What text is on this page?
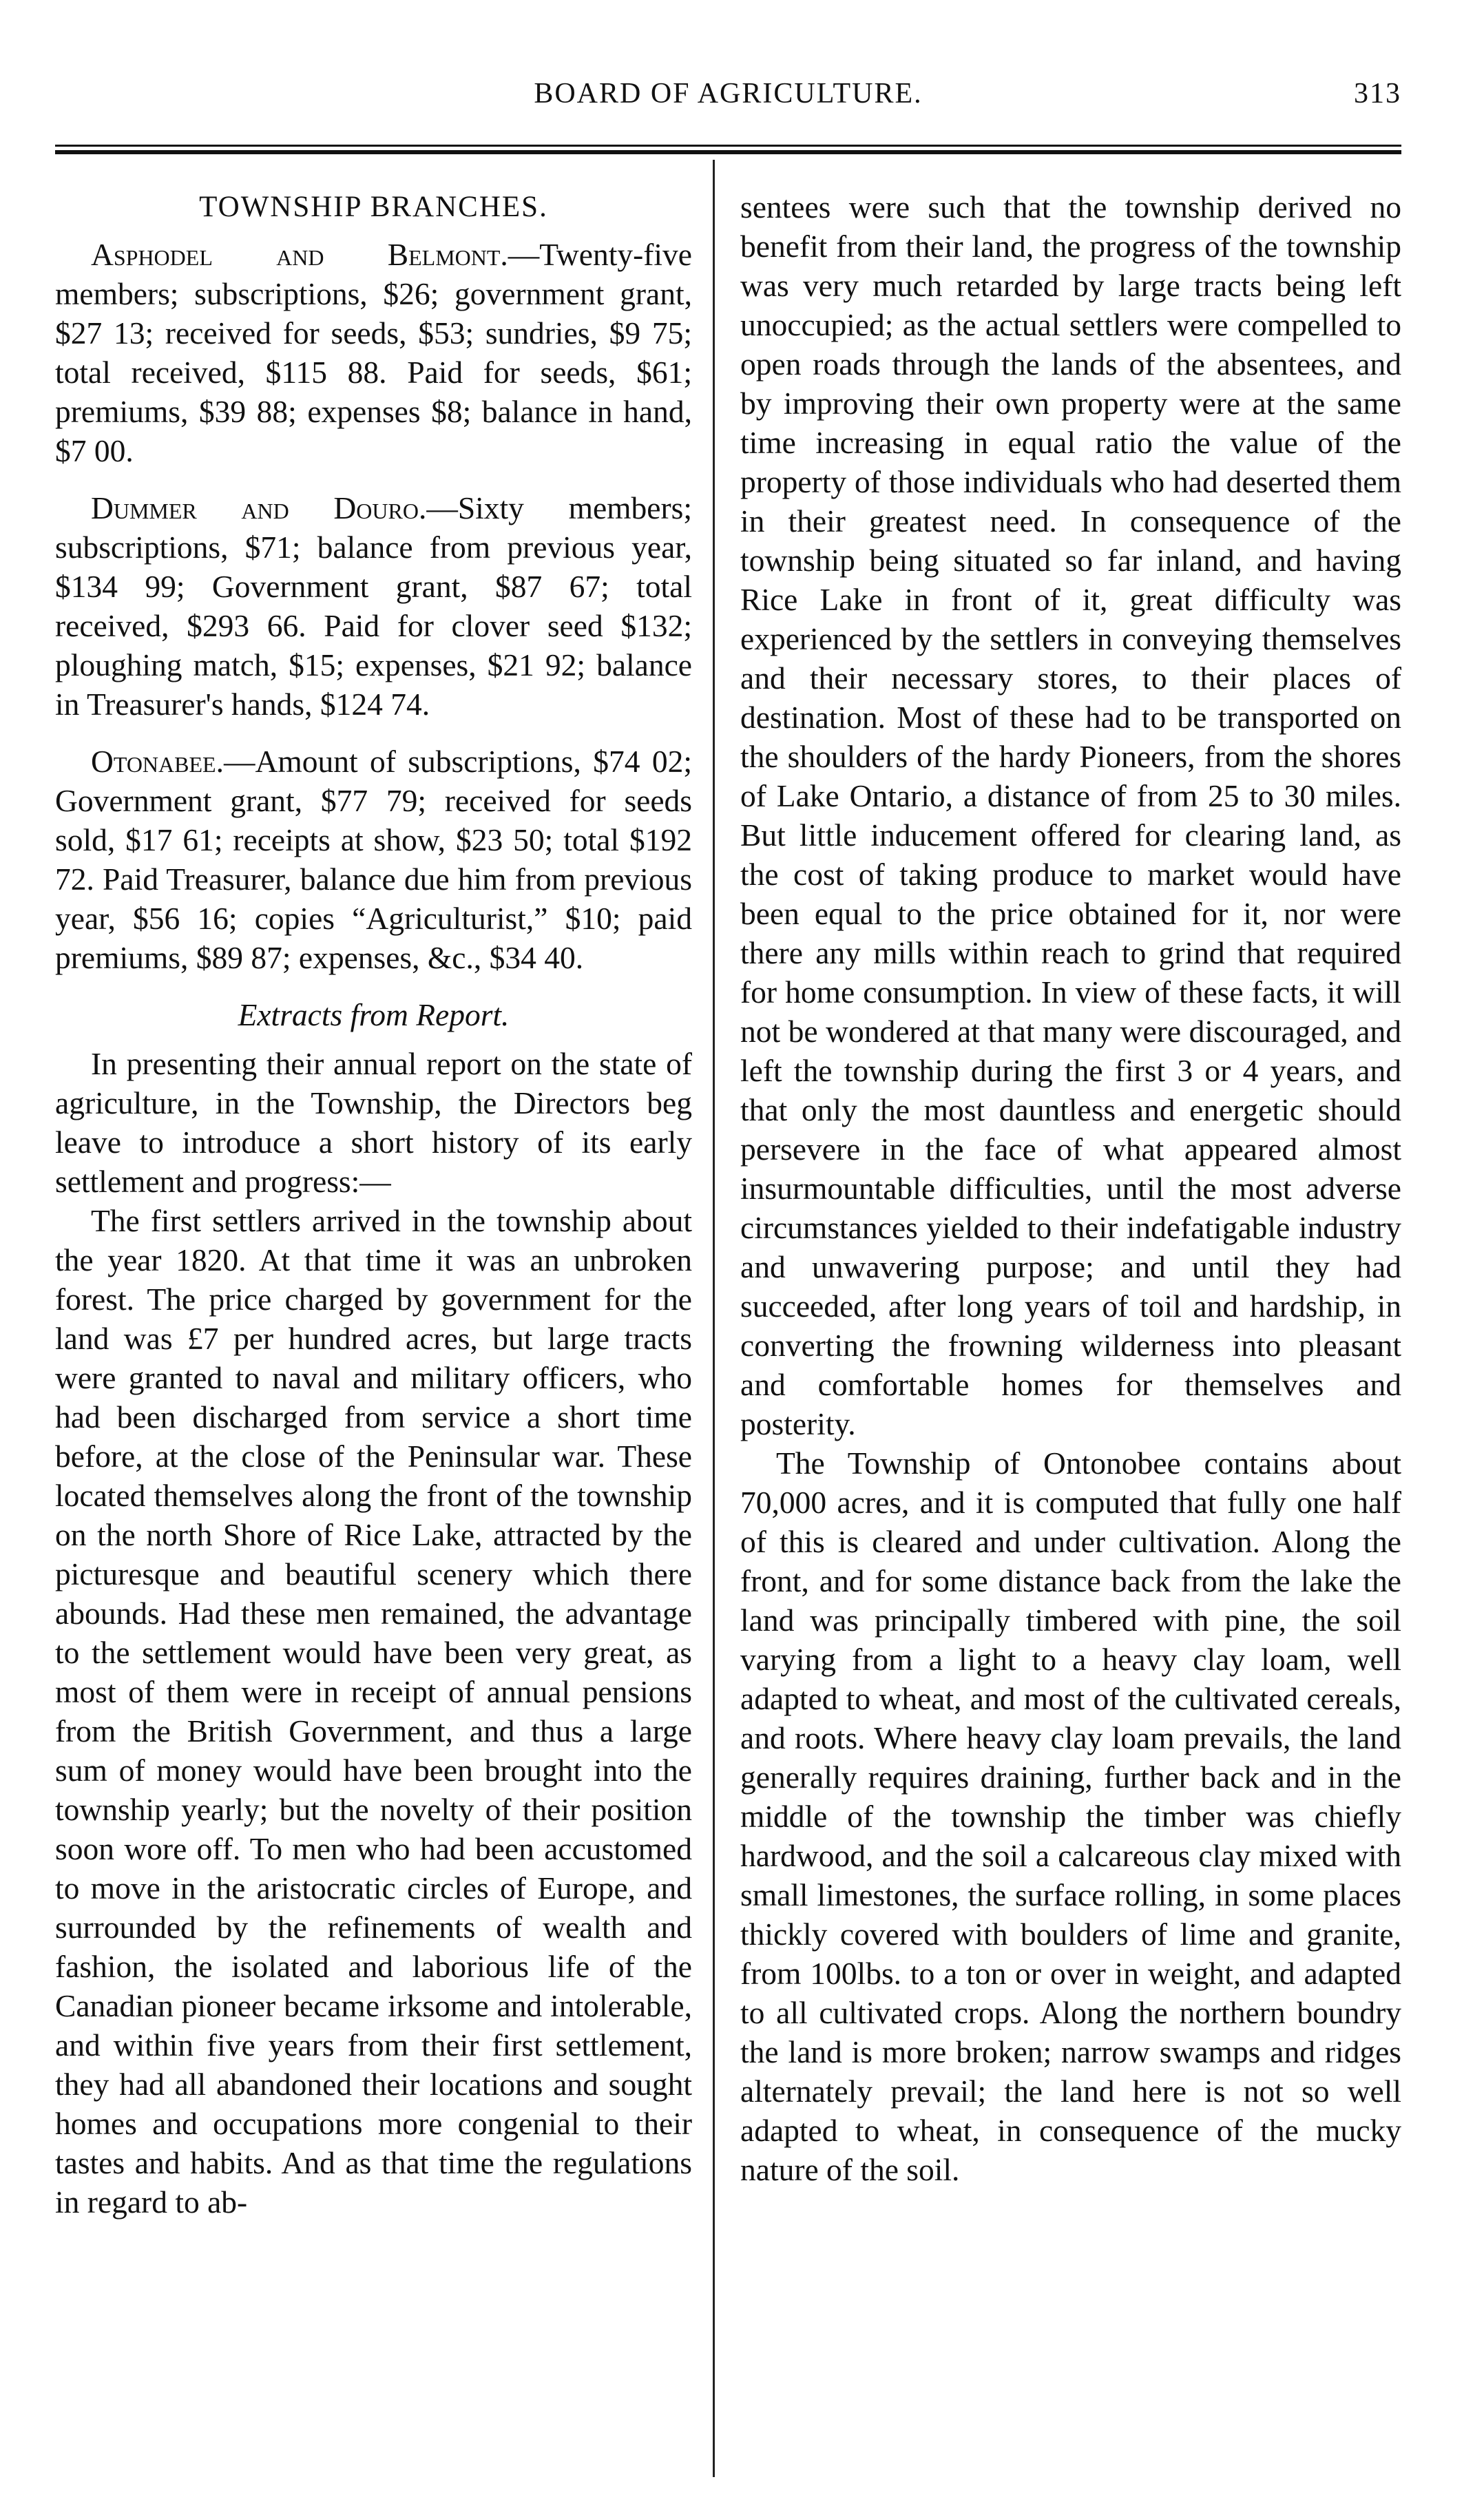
BOARD OF AGRICULTURE.	313

TOWNSHIP BRANCHES.

Asphodel and Belmont.—Twenty-five members; subscriptions, $26; government grant, $27 13; received for seeds, $53; sundries, $9 75; total received, $115 88. Paid for seeds, $61; premiums, $39 88; expenses $8; balance in hand, $7 00.

Dummer and Douro.—Sixty members; subscriptions, $71; balance from previous year, $134 99; Government grant, $87 67; total received, $293 66. Paid for clover seed $132; ploughing match, $15; expenses, $21 92; balance in Treasurer's hands, $124 74.

Otonabee.—Amount of subscriptions, $74 02; Government grant, $77 79; received for seeds sold, $17 61; receipts at show, $23 50; total $192 72. Paid Treasurer, balance due him from previous year, $56 16; copies “Agriculturist,” $10; paid premiums, $89 87; expenses, &c., $34 40.

Extracts from Report.

In presenting their annual report on the state of agriculture, in the Township, the Directors beg leave to introduce a short history of its early settlement and progress:—

The first settlers arrived in the township about the year 1820. At that time it was an unbroken forest. The price charged by government for the land was £7 per hundred acres, but large tracts were granted to naval and military officers, who had been discharged from service a short time before, at the close of the Peninsular war. These located themselves along the front of the township on the north Shore of Rice Lake, attracted by the picturesque and beautiful scenery which there abounds. Had these men remained, the advantage to the settlement would have been very great, as most of them were in receipt of annual pensions from the British Government, and thus a large sum of money would have been brought into the township yearly; but the novelty of their position soon wore off. To men who had been accustomed to move in the aristocratic circles of Europe, and surrounded by the refinements of wealth and fashion, the isolated and laborious life of the Canadian pioneer became irksome and intolerable, and within five years from their first settlement, they had all abandoned their locations and sought homes and occupations more congenial to their tastes and habits. And as that time the regulations in regard to ab-

sentees were such that the township derived no benefit from their land, the progress of the township was very much retarded by large tracts being left unoccupied; as the actual settlers were compelled to open roads through the lands of the absentees, and by improving their own property were at the same time increasing in equal ratio the value of the property of those individuals who had deserted them in their greatest need. In consequence of the township being situated so far inland, and having Rice Lake in front of it, great difficulty was experienced by the settlers in conveying themselves and their necessary stores, to their places of destination. Most of these had to be transported on the shoulders of the hardy Pioneers, from the shores of Lake Ontario, a distance of from 25 to 30 miles. But little inducement offered for clearing land, as the cost of taking produce to market would have been equal to the price obtained for it, nor were there any mills within reach to grind that required for home consumption. In view of these facts, it will not be wondered at that many were discouraged, and left the township during the first 3 or 4 years, and that only the most dauntless and energetic should persevere in the face of what appeared almost insurmountable difficulties, until the most adverse circumstances yielded to their indefatigable industry and unwavering purpose; and until they had succeeded, after long years of toil and hardship, in converting the frowning wilderness into pleasant and comfortable homes for themselves and posterity.

The Township of Ontonobee contains about 70,000 acres, and it is computed that fully one half of this is cleared and under cultivation. Along the front, and for some distance back from the lake the land was principally timbered with pine, the soil varying from a light to a heavy clay loam, well adapted to wheat, and most of the cultivated cereals, and roots. Where heavy clay loam prevails, the land generally requires draining, further back and in the middle of the township the timber was chiefly hardwood, and the soil a calcareous clay mixed with small limestones, the surface rolling, in some places thickly covered with boulders of lime and granite, from 100lbs. to a ton or over in weight, and adapted to all cultivated crops. Along the northern boundry the land is more broken; narrow swamps and ridges alternately prevail; the land here is not so well adapted to wheat, in consequence of the mucky nature of the soil.
